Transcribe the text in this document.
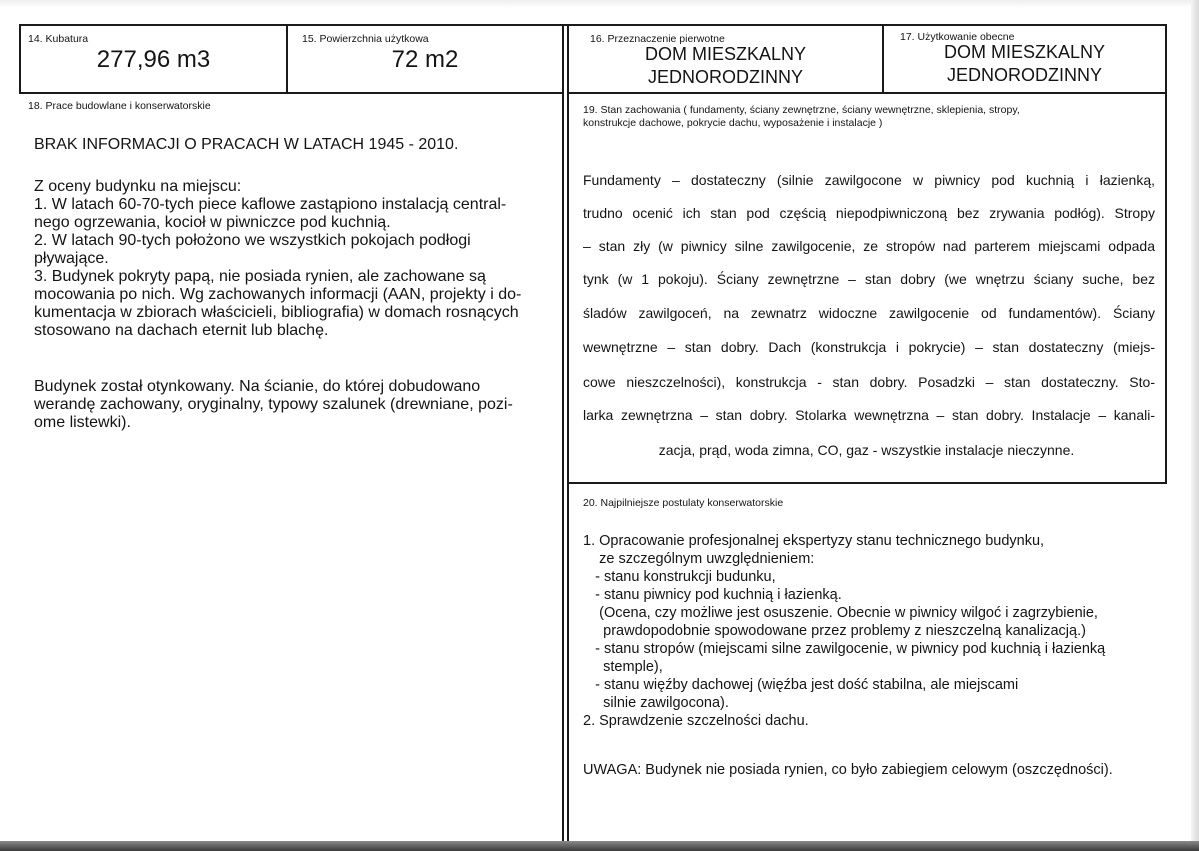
14. Kubatura
277,96 m3
15. Powierzchnia użytkowa
72 m2
16. Przeznaczenie pierwotne
DOM MIESZKALNY
JEDNORODZINNY
17. Użytkowanie obecne
DOM MIESZKALNY
JEDNORODZINNY
18. Prace budowlane i konserwatorskie
BRAK INFORMACJI O PRACACH W LATACH 1945 - 2010.
Z oceny budynku na miejscu:
1. W latach 60-70-tych piece kaflowe zastąpiono instalacją central-
nego ogrzewania, kocioł w piwniczce pod kuchnią.
2. W latach 90-tych położono we wszystkich pokojach podłogi
pływające.
3. Budynek pokryty papą, nie posiada rynien, ale zachowane są
mocowania po nich. Wg zachowanych informacji (AAN, projekty i do-
kumentacja w zbiorach właścicieli, bibliografia) w domach rosnących
stosowano na dachach eternit lub blachę.
Budynek został otynkowany. Na ścianie, do której dobudowano
werandę zachowany, oryginalny, typowy szalunek (drewniane, pozi-
ome listewki).
19. Stan zachowania ( fundamenty, ściany zewnętrzne, ściany wewnętrzne, sklepienia, stropy,
konstrukcje dachowe, pokrycie dachu, wyposażenie i instalacje )
Fundamenty – dostateczny (silnie zawilgocone w piwnicy pod kuchnią i łazienką,
trudno ocenić ich stan pod częścią niepodpiwniczoną bez zrywania podłóg). Stropy
– stan zły (w piwnicy silne zawilgocenie, ze stropów nad parterem miejscami odpada
tynk (w 1 pokoju). Ściany zewnętrzne – stan dobry (we wnętrzu ściany suche, bez
śladów zawilgoceń, na zewnatrz widoczne zawilgocenie od fundamentów). Ściany
wewnętrzne – stan dobry. Dach (konstrukcja i pokrycie) – stan dostateczny (miejs-
cowe nieszczelności), konstrukcja - stan dobry. Posadzki – stan dostateczny. Sto-
larka zewnętrzna – stan dobry. Stolarka wewnętrzna – stan dobry. Instalacje – kanali-
zacja, prąd, woda zimna, CO, gaz - wszystkie instalacje nieczynne.
20. Najpilniejsze postulaty konserwatorskie
1. Opracowanie profesjonalnej ekspertyzy stanu technicznego budynku,
ze szczególnym uwzględnieniem:
- stanu konstrukcji budunku,
- stanu piwnicy pod kuchnią i łazienką.
(Ocena, czy możliwe jest osuszenie. Obecnie w piwnicy wilgoć i zagrzybienie,
prawdopodobnie spowodowane przez problemy z nieszczelną kanalizacją.)
- stanu stropów (miejscami silne zawilgocenie, w piwnicy pod kuchnią i łazienką
stemple),
- stanu więźby dachowej (więźba jest dość stabilna, ale miejscami
silnie zawilgocona).
2. Sprawdzenie szczelności dachu.
UWAGA: Budynek nie posiada rynien, co było zabiegiem celowym (oszczędności).
